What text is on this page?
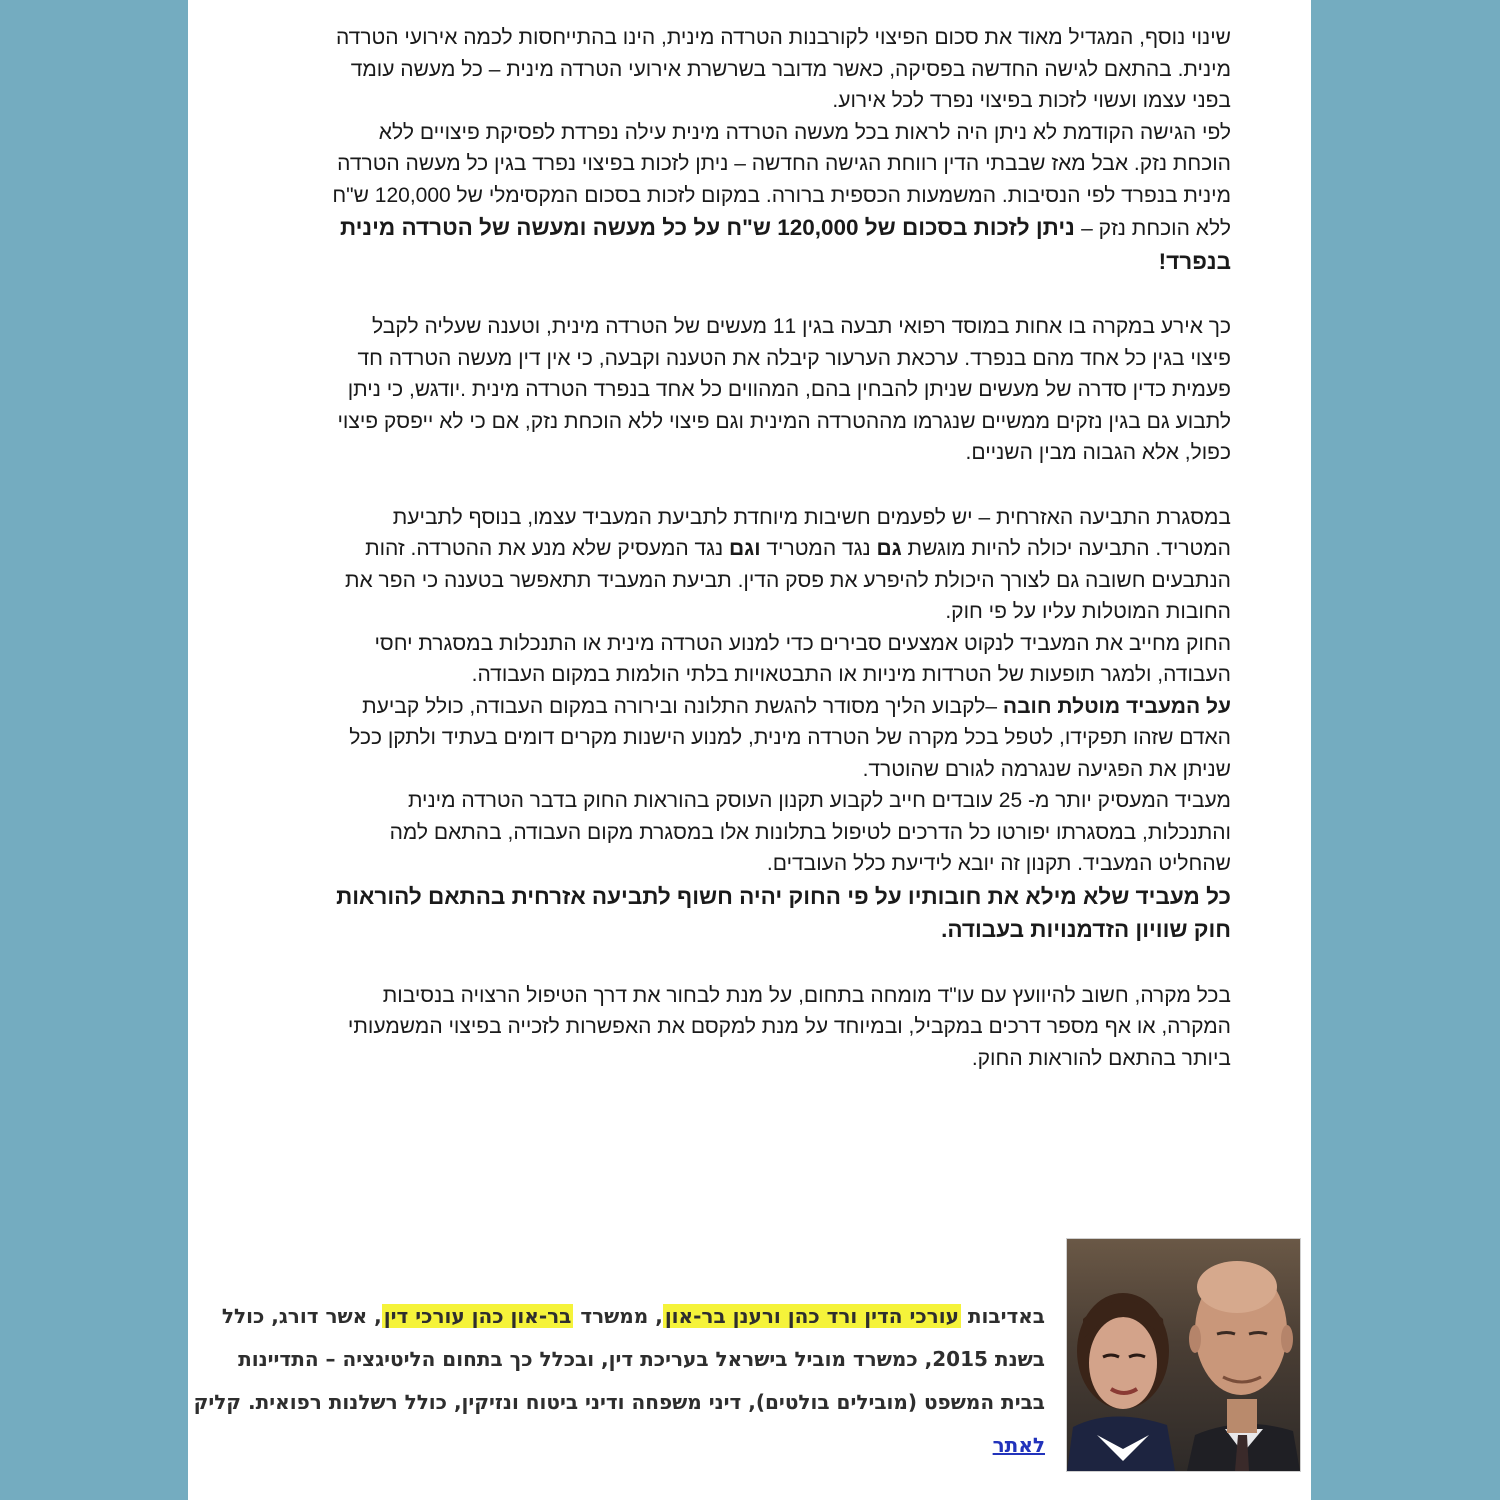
שינוי נוסף, המגדיל מאוד את סכום הפיצוי לקורבנות הטרדה מינית, הינו בהתייחסות לכמה אירועי הטרדה מינית. בהתאם לגישה החדשה בפסיקה, כאשר מדובר בשרשרת אירועי הטרדה מינית – כל מעשה עומד בפני עצמו ועשוי לזכות בפיצוי נפרד לכל אירוע.

לפי הגישה הקודמת לא ניתן היה לראות בכל מעשה הטרדה מינית עילה נפרדת לפסיקת פיצויים ללא הוכחת נזק. אבל מאז שבבתי הדין רווחת הגישה החדשה – ניתן לזכות בפיצוי נפרד בגין כל מעשה הטרדה מינית בנפרד לפי הנסיבות. המשמעות הכספית ברורה. במקום לזכות בסכום המקסימלי של 120,000 ש"ח ללא הוכחת נזק – ניתן לזכות בסכום של 120,000 ש"ח על כל מעשה ומעשה של הטרדה מינית בנפרד!

כך אירע במקרה בו אחות במוסד רפואי תבעה בגין 11 מעשים של הטרדה מינית, וטענה שעליה לקבל פיצוי בגין כל אחד מהם בנפרד. ערכאת הערעור קיבלה את הטענה וקבעה, כי אין דין מעשה הטרדה חד פעמית כדין סדרה של מעשים שניתן להבחין בהם, המהווים כל אחד בנפרד הטרדה מינית .יודגש, כי ניתן לתבוע גם בגין נזקים ממשיים שנגרמו מההטרדה המינית וגם פיצוי ללא הוכחת נזק, אם כי לא ייפסק פיצוי כפול, אלא הגבוה מבין השניים.

במסגרת התביעה האזרחית – יש לפעמים חשיבות מיוחדת לתביעת המעביד עצמו, בנוסף לתביעת המטריד. התביעה יכולה להיות מוגשת גם נגד המטריד וגם נגד המעסיק שלא מנע את ההטרדה. זהות הנתבעים חשובה גם לצורך היכולת להיפרע את פסק הדין. תביעת המעביד תתאפשר בטענה כי הפר את החובות המוטלות עליו על פי חוק.

החוק מחייב את המעביד לנקוט אמצעים סבירים כדי למנוע הטרדה מינית או התנכלות במסגרת יחסי העבודה, ולמגר תופעות של הטרדות מיניות או התבטאויות בלתי הולמות במקום העבודה.

על המעביד מוטלת חובה –לקבוע הליך מסודר להגשת התלונה ובירורה במקום העבודה, כולל קביעת האדם שזהו תפקידו, לטפל בכל מקרה של הטרדה מינית, למנוע הישנות מקרים דומים בעתיד ולתקן ככל שניתן את הפגיעה שנגרמה לגורם שהוטרד.

מעביד המעסיק יותר מ- 25 עובדים חייב לקבוע תקנון העוסק בהוראות החוק בדבר הטרדה מינית והתנכלות, במסגרתו יפורטו כל הדרכים לטיפול בתלונות אלו במסגרת מקום העבודה, בהתאם למה שהחליט המעביד. תקנון זה יובא לידיעת כלל העובדים.

כל מעביד שלא מילא את חובותיו על פי החוק יהיה חשוף לתביעה אזרחית בהתאם להוראות חוק שוויון הזדמנויות בעבודה.

בכל מקרה, חשוב להיוועץ עם עו"ד מומחה בתחום, על מנת לבחור את דרך הטיפול הרצויה בנסיבות המקרה, או אף מספר דרכים במקביל, ובמיוחד על מנת למקסם את האפשרות לזכייה בפיצוי המשמעותי ביותר בהתאם להוראות החוק.

באדיבות עורכי הדין ורד כהן ורענן בר-און, ממשרד בר-און כהן עורכי דין, אשר דורג, כולל בשנת 2015, כמשרד מוביל בישראל בעריכת דין, ובכלל כך בתחום הליטיגציה – התדיינות בבית המשפט (מובילים בולטים), דיני משפחה ודיני ביטוח ונזיקין, כולל רשלנות רפואית. קליק לאתר
